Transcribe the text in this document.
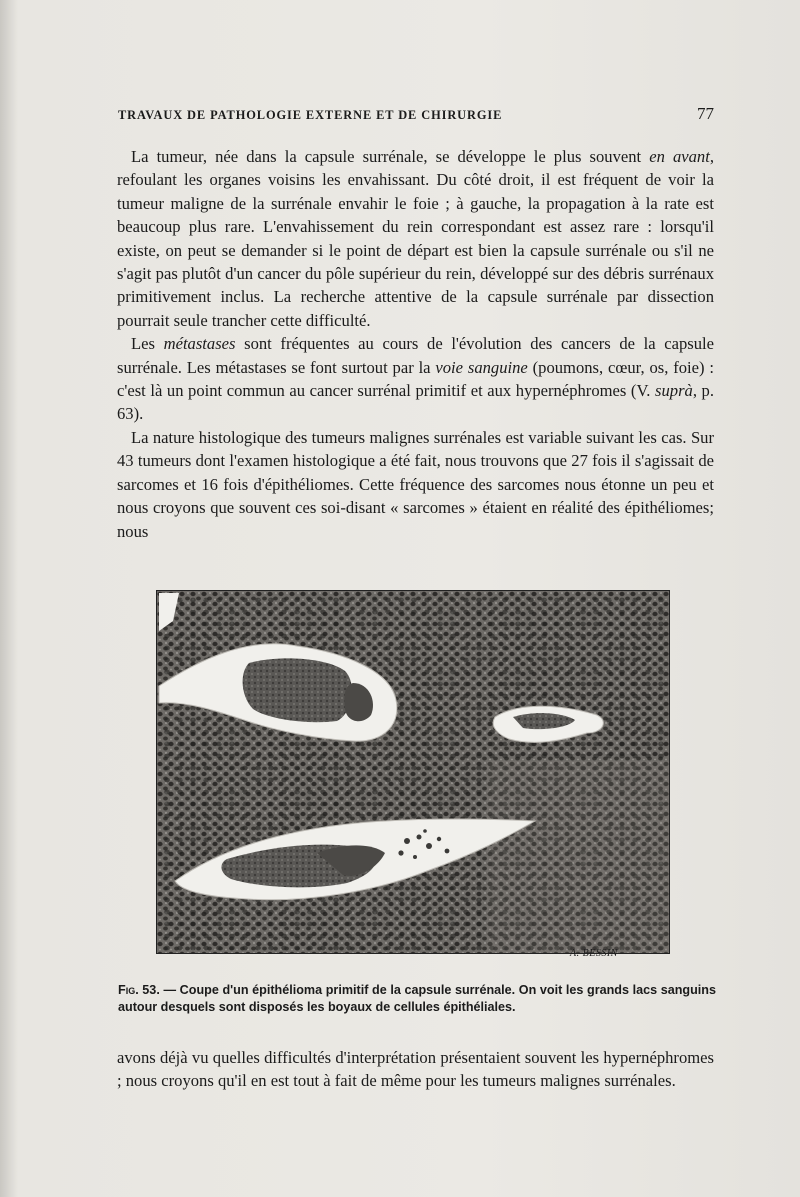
TRAVAUX DE PATHOLOGIE EXTERNE ET DE CHIRURGIE	77

La tumeur, née dans la capsule surrénale, se développe le plus souvent en avant, refoulant les organes voisins les envahissant. Du côté droit, il est fréquent de voir la tumeur maligne de la surrénale envahir le foie ; à gauche, la propagation à la rate est beaucoup plus rare. L'envahissement du rein correspondant est assez rare : lorsqu'il existe, on peut se demander si le point de départ est bien la capsule surrénale ou s'il ne s'agit pas plutôt d'un cancer du pôle supérieur du rein, développé sur des débris surrénaux primitivement inclus. La recherche attentive de la capsule surrénale par dissection pourrait seule trancher cette difficulté.

Les métastases sont fréquentes au cours de l'évolution des cancers de la capsule surrénale. Les métastases se font surtout par la voie sanguine (poumons, cœur, os, foie) : c'est là un point commun au cancer surrénal primitif et aux hypernéphromes (V. suprà, p. 63).

La nature histologique des tumeurs malignes surrénales est variable suivant les cas. Sur 43 tumeurs dont l'examen histologique a été fait, nous trouvons que 27 fois il s'agissait de sarcomes et 16 fois d'épithéliomes. Cette fréquence des sarcomes nous étonne un peu et nous croyons que souvent ces soi-disant « sarcomes » étaient en réalité des épithéliomes; nous

A. BESSIN
Fig. 53. — Coupe d'un épithélioma primitif de la capsule surrénale. On voit les grands lacs sanguins autour desquels sont disposés les boyaux de cellules épithéliales.

avons déjà vu quelles difficultés d'interprétation présentaient souvent les hypernéphromes ; nous croyons qu'il en est tout à fait de même pour les tumeurs malignes surrénales.
